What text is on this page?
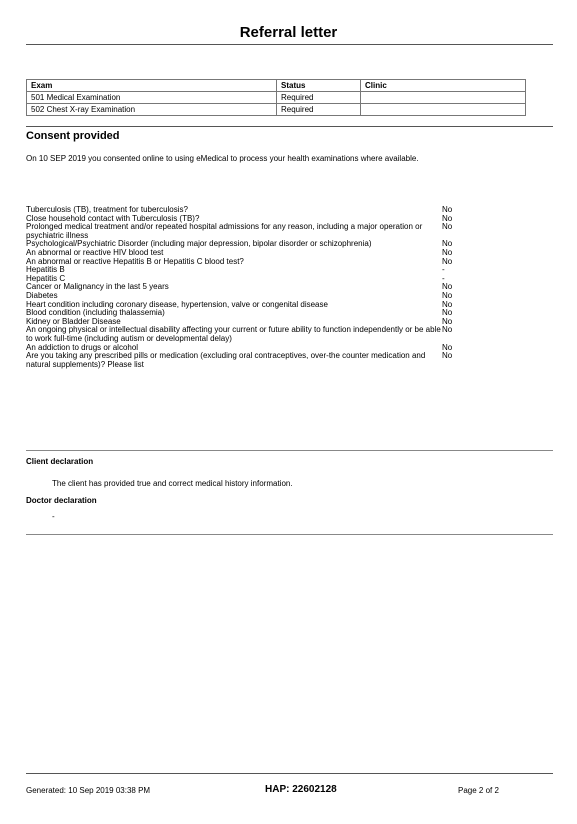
Referral letter
Exam	Status	Clinic
501 Medical Examination	Required	
502 Chest X-ray Examination	Required	
Consent provided
On 10 SEP 2019 you consented online to using eMedical to process your health examinations where available.
Tuberculosis (TB), treatment for tuberculosis?	No
Close household contact with Tuberculosis (TB)?	No
Prolonged medical treatment and/or repeated hospital admissions for any reason, including a major operation or psychiatric illness
No
Psychological/Psychiatric Disorder (including major depression, bipolar disorder or schizophrenia)	No
An abnormal or reactive HIV blood test	No
An abnormal or reactive Hepatitis B or Hepatitis C blood test?	No
Hepatitis B	-
Hepatitis C	-
Cancer or Malignancy in the last 5 years	No
Diabetes	No
Heart condition including coronary disease, hypertension, valve or congenital disease	No
Blood condition (including thalassemia)	No
Kidney or Bladder Disease	No
An ongoing physical or intellectual disability affecting your current or future ability to function independently or be able to work full-time (including autism or developmental delay)
No
An addiction to drugs or alcohol	No
Are you taking any prescribed pills or medication (excluding oral contraceptives, over-the counter medication and natural supplements)? Please list
No
Client declaration
The client has provided true and correct medical history information.
Doctor declaration
-
Generated: 10 Sep 2019 03:38 PM	HAP: 22602128	Page 2 of 2
